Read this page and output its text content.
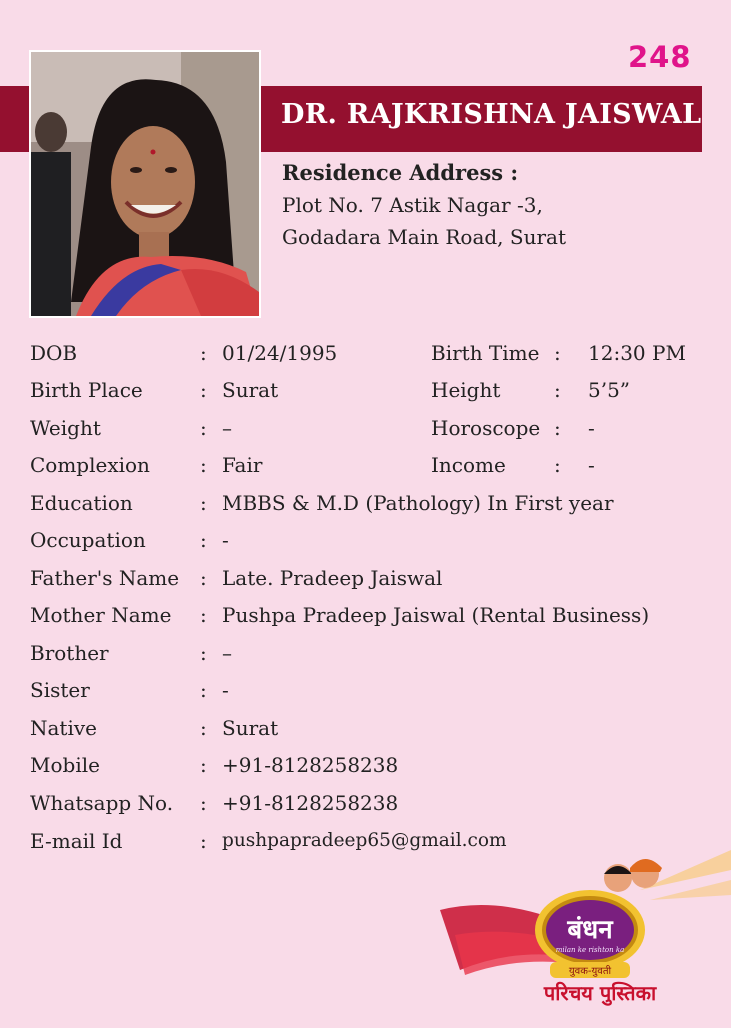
248
DR. RAJKRISHNA JAISWAL
Residence Address :
Plot No. 7 Astik Nagar -3,
Godadara Main Road, Surat
DOB	: 01/24/1995	Birth Time : 12:30 PM
Birth Place	: Surat	Height	: 5’5”
Weight	: –	Horoscope : -
Complexion	: Fair	Income : -
Education	: MBBS & M.D (Pathology) In First year
Occupation	: -
Father's Name : Late. Pradeep Jaiswal
Mother Name : Pushpa Pradeep Jaiswal (Rental Business)
Brother	: –
Sister	: -
Native	: Surat
Mobile	: +91-8128258238
Whatsapp No. : +91-8128258238
E-mail Id	: pushpapradeep65@gmail.com
बंधन
milan ke rishton ka
युवक-युवती
परिचय पुस्तिका
